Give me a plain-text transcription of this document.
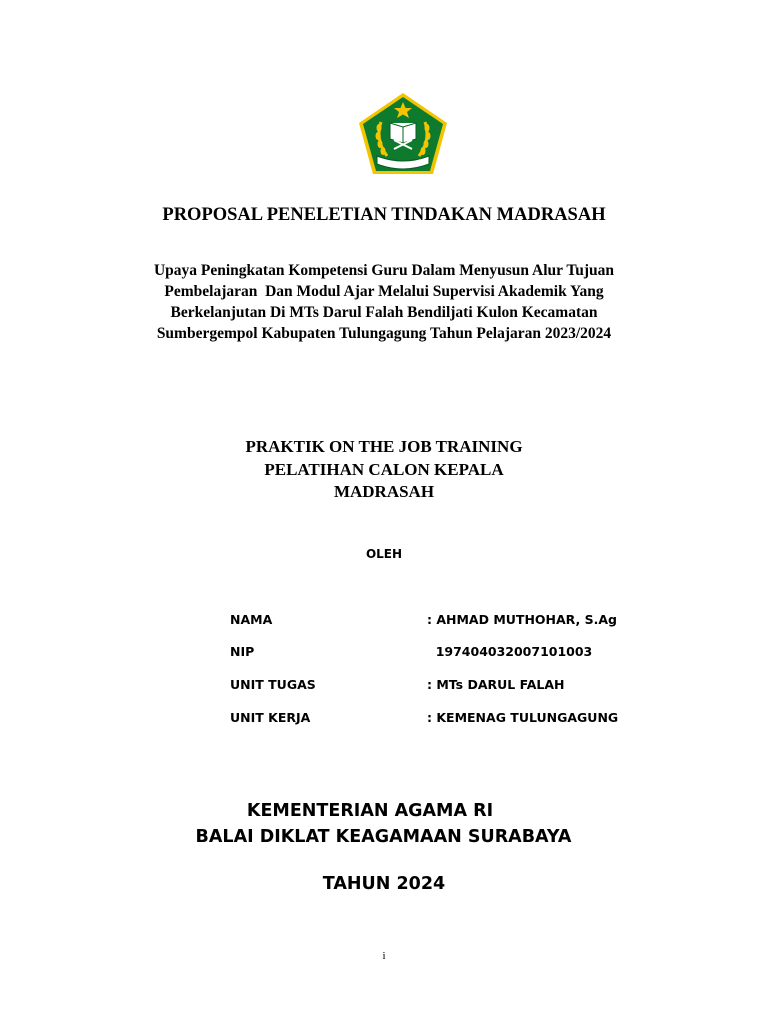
PROPOSAL PENELETIAN TINDAKAN MADRASAH
Upaya Peningkatan Kompetensi Guru Dalam Menyusun Alur Tujuan
Pembelajaran  Dan Modul Ajar Melalui Supervisi Akademik Yang
Berkelanjutan Di MTs Darul Falah Bendiljati Kulon Kecamatan
Sumbergempol Kabupaten Tulungagung Tahun Pelajaran 2023/2024
PRAKTIK ON THE JOB TRAINING
PELATIHAN CALON KEPALA
MADRASAH
OLEH
NAMA	: AHMAD MUTHOHAR, S.Ag
NIP	197404032007101003
UNIT TUGAS	: MTs DARUL FALAH
UNIT KERJA	: KEMENAG TULUNGAGUNG
KEMENTERIAN AGAMA RI
BALAI DIKLAT KEAGAMAAN SURABAYA
TAHUN 2024
i
